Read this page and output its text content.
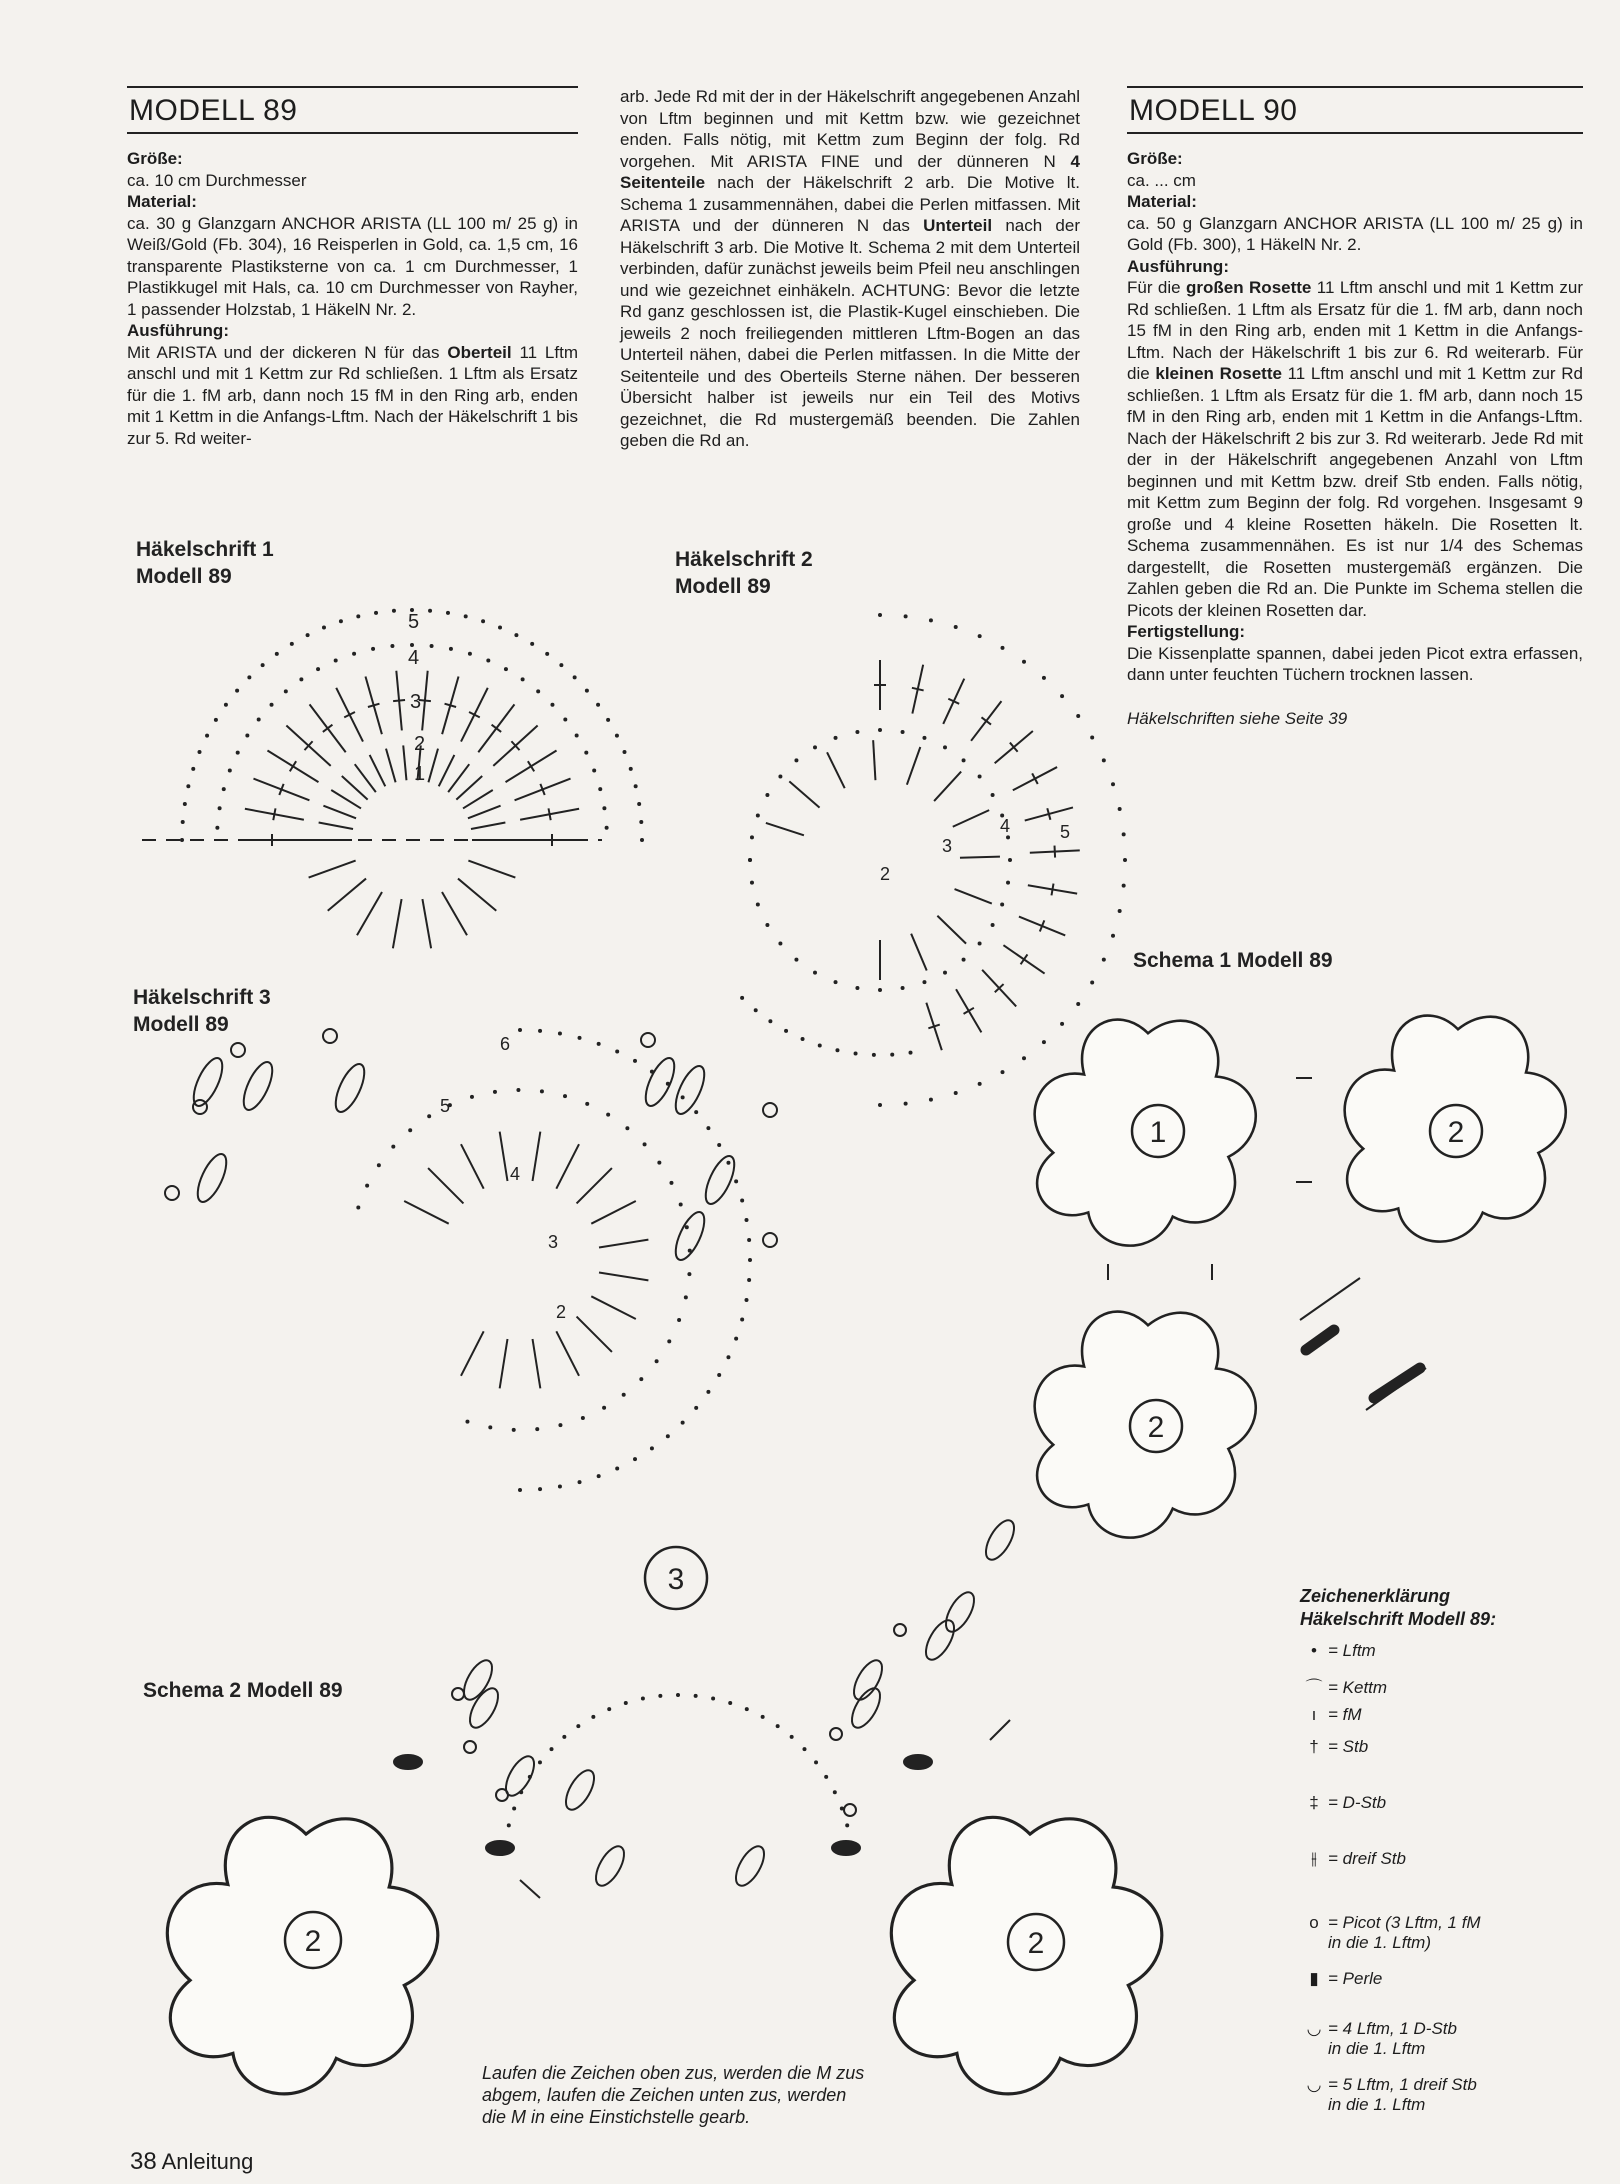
MODELL 89

Größe:

ca. 10 cm Durchmesser

Material:

ca. 30 g Glanzgarn ANCHOR ARISTA (LL 100 m/ 25 g) in Weiß/Gold (Fb. 304), 16 Reisperlen in Gold, ca. 1,5 cm, 16 transparente Plastiksterne von ca. 1 cm Durchmesser, 1 Plastikkugel mit Hals, ca. 10 cm Durchmesser von Rayher, 1 passender Holzstab, 1 HäkelN Nr. 2.

Ausführung:

Mit ARISTA und der dickeren N für das Oberteil 11 Lftm anschl und mit 1 Kettm zur Rd schließen. 1 Lftm als Ersatz für die 1. fM arb, dann noch 15 fM in den Ring arb, enden mit 1 Kettm in die Anfangs-Lftm. Nach der Häkelschrift 1 bis zur 5. Rd weiter-

arb. Jede Rd mit der in der Häkelschrift angegebenen Anzahl von Lftm beginnen und mit Kettm bzw. wie gezeichnet enden. Falls nötig, mit Kettm zum Beginn der folg. Rd vorgehen. Mit ARISTA FINE und der dünneren N 4 Seitenteile nach der Häkelschrift 2 arb. Die Motive lt. Schema 1 zusammennähen, dabei die Perlen mitfassen. Mit ARISTA und der dünneren N das Unterteil nach der Häkelschrift 3 arb. Die Motive lt. Schema 2 mit dem Unterteil verbinden, dafür zunächst jeweils beim Pfeil neu anschlingen und wie gezeichnet einhäkeln. ACHTUNG: Bevor die letzte Rd ganz geschlossen ist, die Plastik-Kugel einschieben. Die jeweils 2 noch freiliegenden mittleren Lftm-Bogen an das Unterteil nähen, dabei die Perlen mitfassen. In die Mitte der Seitenteile und des Oberteils Sterne nähen. Der besseren Übersicht halber ist jeweils nur ein Teil des Motivs gezeichnet, die Rd mustergemäß beenden. Die Zahlen geben die Rd an.

MODELL 90

Größe:

ca. ... cm

Material:

ca. 50 g Glanzgarn ANCHOR ARISTA (LL 100 m/ 25 g) in Gold (Fb. 300), 1 HäkelN Nr. 2.

Ausführung:

Für die großen Rosette 11 Lftm anschl und mit 1 Kettm zur Rd schließen. 1 Lftm als Ersatz für die 1. fM arb, dann noch 15 fM in den Ring arb, enden mit 1 Kettm in die Anfangs-Lftm. Nach der Häkelschrift 1 bis zur 6. Rd weiterarb. Für die kleinen Rosette 11 Lftm anschl und mit 1 Kettm zur Rd schließen. 1 Lftm als Ersatz für die 1. fM arb, dann noch 15 fM in den Ring arb, enden mit 1 Kettm in die Anfangs-Lftm. Nach der Häkelschrift 2 bis zur 3. Rd weiterarb. Jede Rd mit der in der Häkelschrift angegebenen Anzahl von Lftm beginnen und mit Kettm bzw. dreif Stb enden. Falls nötig, mit Kettm zum Beginn der folg. Rd vorgehen. Insgesamt 9 große und 4 kleine Rosetten häkeln. Die Rosetten lt. Schema zusammennähen. Es ist nur 1/4 des Schemas dargestellt, die Rosetten mustergemäß ergänzen. Die Zahlen geben die Rd an. Die Punkte im Schema stellen die Picots der kleinen Rosetten dar.

Fertigstellung:

Die Kissenplatte spannen, dabei jeden Picot extra erfassen, dann unter feuchten Tüchern trocknen lassen.

Häkelschriften siehe Seite 39

Häkelschrift 1
Modell 89
Häkelschrift 2
Modell 89
Häkelschrift 3
Modell 89
Schema 1 Modell 89
Schema 2 Modell 89
5
4
3
2
1
5
4
3
2
6
5
4
3
2
1	2
2
3
2	2
Zeichenerklärung
Häkelschrift Modell 89:
• = Lftm
⌒ = Kettm
ı = fM
† = Stb
‡ = D-Stb
⫲ = dreif Stb
o = Picot (3 Lftm, 1 fM
in die 1. Lftm)
▮ = Perle
◡ = 4 Lftm, 1 D-Stb
in die 1. Lftm
◡ = 5 Lftm, 1 dreif Stb
in die 1. Lftm
Laufen die Zeichen oben zus, werden die M zus abgem, laufen die Zeichen unten zus, werden die M in eine Einstichstelle gearb.
38 Anleitung
